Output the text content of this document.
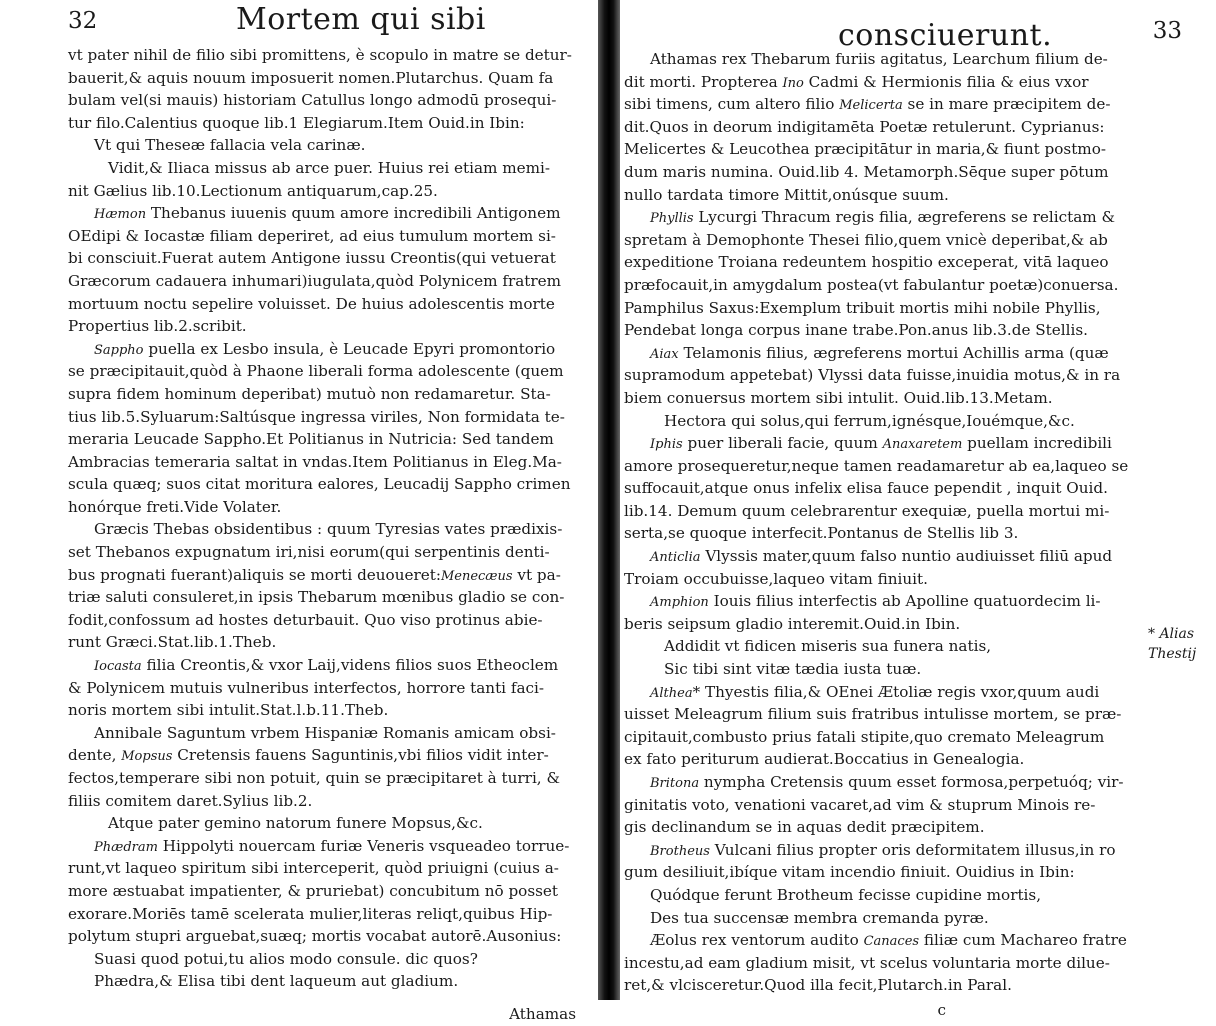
32	Mortem qui sibi
vt pater nihil de filio sibi promittens, è scopulo in matre se detur-
bauerit,& aquis nouum imposuerit nomen.Plutarchus. Quam fa
bulam vel(si mauis) historiam Catullus longo admodū prosequi-
tur filo.Calentius quoque lib.1 Elegiarum.Item Ouid.in Ibin:
Vt qui Theseæ fallacia vela carinæ.
Vidit,& Iliaca missus ab arce puer. Huius rei etiam memi-
nit Gælius lib.10.Lectionum antiquarum,cap.25.
Hæmon Thebanus iuuenis quum amore incredibili Antigonem
OEdipi & Iocastæ filiam deperiret, ad eius tumulum mortem si-
bi consciuit.Fuerat autem Antigone iussu Creontis(qui vetuerat
Græcorum cadauera inhumari)iugulata,quòd Polynicem fratrem
mortuum noctu sepelire voluisset. De huius adolescentis morte
Propertius lib.2.scribit.
Sappho puella ex Lesbo insula, è Leucade Epyri promontorio
se præcipitauit,quòd à Phaone liberali forma adolescente (quem
supra fidem hominum deperibat) mutuò non redamaretur. Sta-
tius lib.5.Syluarum:Saltúsque ingressa viriles, Non formidata te-
meraria Leucade Sappho.Et Politianus in Nutricia: Sed tandem
Ambracias temeraria saltat in vndas.Item Politianus in Eleg.Ma-
scula quæq; suos citat moritura ealores, Leucadij Sappho crimen
honórque freti.Vide Volater.
Græcis Thebas obsidentibus : quum Tyresias vates prædixis-
set Thebanos expugnatum iri,nisi eorum(qui serpentinis denti-
bus prognati fuerant)aliquis se morti deuoueret:Menecæus vt pa-
triæ saluti consuleret,in ipsis Thebarum mœnibus gladio se con-
fodit,confossum ad hostes deturbauit. Quo viso protinus abie-
runt Græci.Stat.lib.1.Theb.
Iocasta filia Creontis,& vxor Laij,videns filios suos Etheoclem
& Polynicem mutuis vulneribus interfectos, horrore tanti faci-
noris mortem sibi intulit.Stat.l.b.11.Theb.
Annibale Saguntum vrbem Hispaniæ Romanis amicam obsi-
dente, Mopsus Cretensis fauens Saguntinis,vbi filios vidit inter-
fectos,temperare sibi non potuit, quin se præcipitaret à turri, &
filiis comitem daret.Sylius lib.2.
Atque pater gemino natorum funere Mopsus,&c.
Phædram Hippolyti nouercam furiæ Veneris vsqueadeo torrue-
runt,vt laqueo spiritum sibi interceperit, quòd priuigni (cuius a-
more æstuabat impatienter, & pruriebat) concubitum nō posset
exorare.Moriēs tamē scelerata mulier,literas reliqt,quibus Hip-
polytum stupri arguebat,suæq; mortis vocabat autorē.Ausonius:
Suasi quod potui,tu alios modo consule. dic quos?
Phædra,& Elisa tibi dent laqueum aut gladium.
Athamas
consciuerunt.	33
Athamas rex Thebarum furiis agitatus, Learchum filium de-
dit morti. Propterea Ino Cadmi & Hermionis filia & eius vxor
sibi timens, cum altero filio Melicerta se in mare præcipitem de-
dit.Quos in deorum indigitamēta Poetæ retulerunt. Cyprianus:
Melicertes & Leucothea præcipitātur in maria,& fiunt postmo-
dum maris numina. Ouid.lib 4. Metamorph.Sēque super pōtum
nullo tardata timore Mittit,onúsque suum.
Phyllis Lycurgi Thracum regis filia, ægreferens se relictam &
spretam à Demophonte Thesei filio,quem vnicè deperibat,& ab
expeditione Troiana redeuntem hospitio exceperat, vitā laqueo
præfocauit,in amygdalum postea(vt fabulantur poetæ)conuersa.
Pamphilus Saxus:Exemplum tribuit mortis mihi nobile Phyllis,
Pendebat longa corpus inane trabe.Pon.anus lib.3.de Stellis.
Aiax Telamonis filius, ægreferens mortui Achillis arma (quæ
supramodum appetebat) Vlyssi data fuisse,inuidia motus,& in ra
biem conuersus mortem sibi intulit. Ouid.lib.13.Metam.
Hectora qui solus,qui ferrum,ignésque,Iouémque,&c.
Iphis puer liberali facie, quum Anaxaretem puellam incredibili
amore prosequeretur,neque tamen readamaretur ab ea,laqueo se
suffocauit,atque onus infelix elisa fauce pependit , inquit Ouid.
lib.14. Demum quum celebrarentur exequiæ, puella mortui mi-
serta,se quoque interfecit.Pontanus de Stellis lib 3.
Anticlia Vlyssis mater,quum falso nuntio audiuisset filiū apud
Troiam occubuisse,laqueo vitam finiuit.
Amphion Iouis filius interfectis ab Apolline quatuordecim li-
beris seipsum gladio interemit.Ouid.in Ibin.
Addidit vt fidicen miseris sua funera natis,
Sic tibi sint vitæ tædia iusta tuæ.
Althea* Thyestis filia,& OEnei Ætoliæ regis vxor,quum audi
uisset Meleagrum filium suis fratribus intulisse mortem, se præ-
cipitauit,combusto prius fatali stipite,quo cremato Meleagrum
ex fato periturum audierat.Boccatius in Genealogia.
Britona nympha Cretensis quum esset formosa,perpetuóq; vir-
ginitatis voto, venationi vacaret,ad vim & stuprum Minois re-
gis declinandum se in aquas dedit præcipitem.
Brotheus Vulcani filius propter oris deformitatem illusus,in ro
gum desiliuit,ibíque vitam incendio finiuit. Ouidius in Ibin:
Quódque ferunt Brotheum fecisse cupidine mortis,
Des tua succensæ membra cremanda pyræ.
Æolus rex ventorum audito Canaces filiæ cum Machareo fratre
incestu,ad eam gladium misit, vt scelus voluntaria morte dilue-
ret,& vlcisceretur.Quod illa fecit,Plutarch.in Paral.
c
* Alias
Thestij
